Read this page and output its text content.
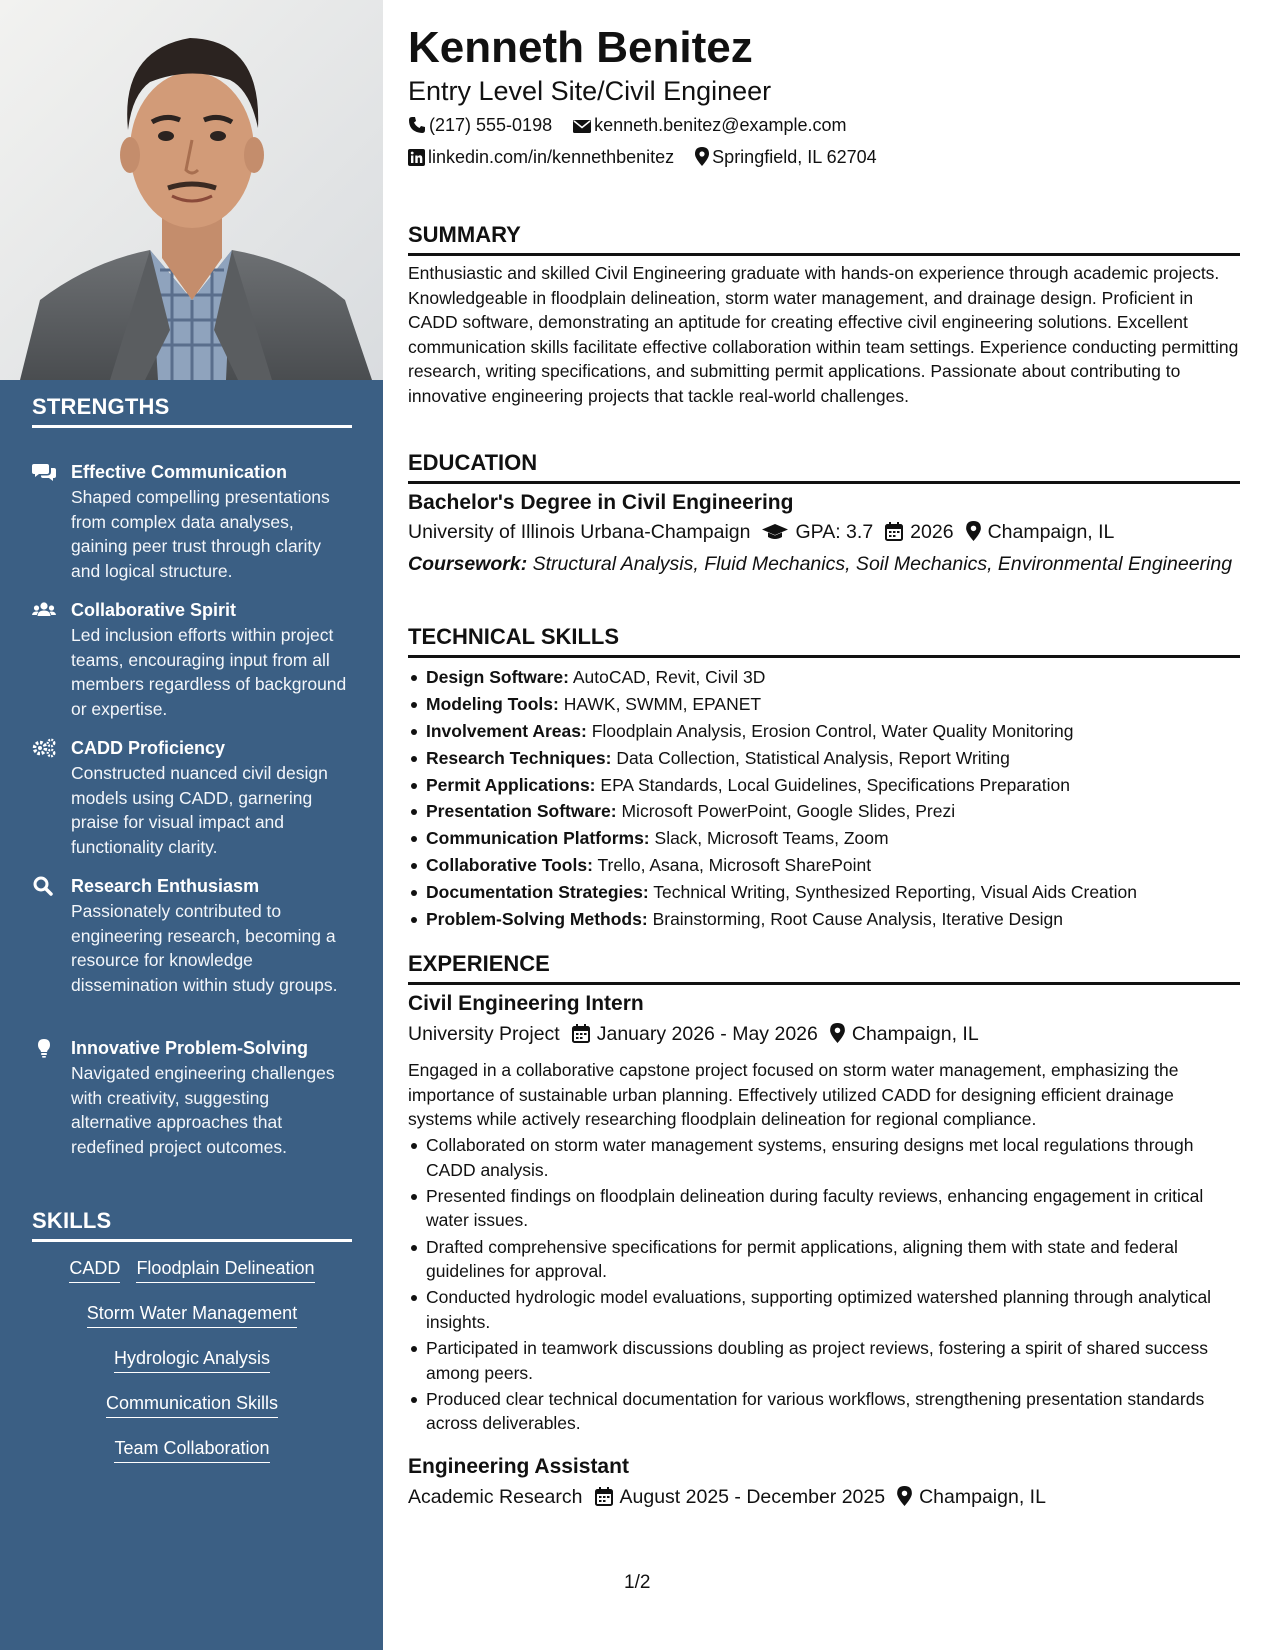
STRENGTHS
Effective Communication
Shaped compelling presentations from complex data analyses, gaining peer trust through clarity and logical structure.
Collaborative Spirit
Led inclusion efforts within project teams, encouraging input from all members regardless of background or expertise.
CADD Proficiency
Constructed nuanced civil design models using CADD, garnering praise for visual impact and functionality clarity.
Research Enthusiasm
Passionately contributed to engineering research, becoming a resource for knowledge dissemination within study groups.
Innovative Problem-Solving
Navigated engineering challenges with creativity, suggesting alternative approaches that redefined project outcomes.
SKILLS
CADD Floodplain Delineation
Storm Water Management
Hydrologic Analysis
Communication Skills
Team Collaboration
Kenneth Benitez
Entry Level Site/Civil Engineer
(217) 555-0198 kenneth.benitez@example.com
linkedin.com/in/kennethbenitez Springfield, IL 62704
SUMMARY
Enthusiastic and skilled Civil Engineering graduate with hands-on experience through academic projects. Knowledgeable in floodplain delineation, storm water management, and drainage design. Proficient in CADD software, demonstrating an aptitude for creating effective civil engineering solutions. Excellent communication skills facilitate effective collaboration within team settings. Experience conducting permitting research, writing specifications, and submitting permit applications. Passionate about contributing to innovative engineering projects that tackle real-world challenges.
EDUCATION
Bachelor's Degree in Civil Engineering
University of Illinois Urbana-Champaign GPA: 3.7 2026 Champaign, IL
Coursework: Structural Analysis, Fluid Mechanics, Soil Mechanics, Environmental Engineering
TECHNICAL SKILLS
Design Software: AutoCAD, Revit, Civil 3D
Modeling Tools: HAWK, SWMM, EPANET
Involvement Areas: Floodplain Analysis, Erosion Control, Water Quality Monitoring
Research Techniques: Data Collection, Statistical Analysis, Report Writing
Permit Applications: EPA Standards, Local Guidelines, Specifications Preparation
Presentation Software: Microsoft PowerPoint, Google Slides, Prezi
Communication Platforms: Slack, Microsoft Teams, Zoom
Collaborative Tools: Trello, Asana, Microsoft SharePoint
Documentation Strategies: Technical Writing, Synthesized Reporting, Visual Aids Creation
Problem-Solving Methods: Brainstorming, Root Cause Analysis, Iterative Design
EXPERIENCE
Civil Engineering Intern
University Project January 2026 - May 2026 Champaign, IL
Engaged in a collaborative capstone project focused on storm water management, emphasizing the importance of sustainable urban planning. Effectively utilized CADD for designing efficient drainage systems while actively researching floodplain delineation for regional compliance.
Collaborated on storm water management systems, ensuring designs met local regulations through CADD analysis.
Presented findings on floodplain delineation during faculty reviews, enhancing engagement in critical water issues.
Drafted comprehensive specifications for permit applications, aligning them with state and federal guidelines for approval.
Conducted hydrologic model evaluations, supporting optimized watershed planning through analytical insights.
Participated in teamwork discussions doubling as project reviews, fostering a spirit of shared success among peers.
Produced clear technical documentation for various workflows, strengthening presentation standards across deliverables.
Engineering Assistant
Academic Research August 2025 - December 2025 Champaign, IL
1/2
